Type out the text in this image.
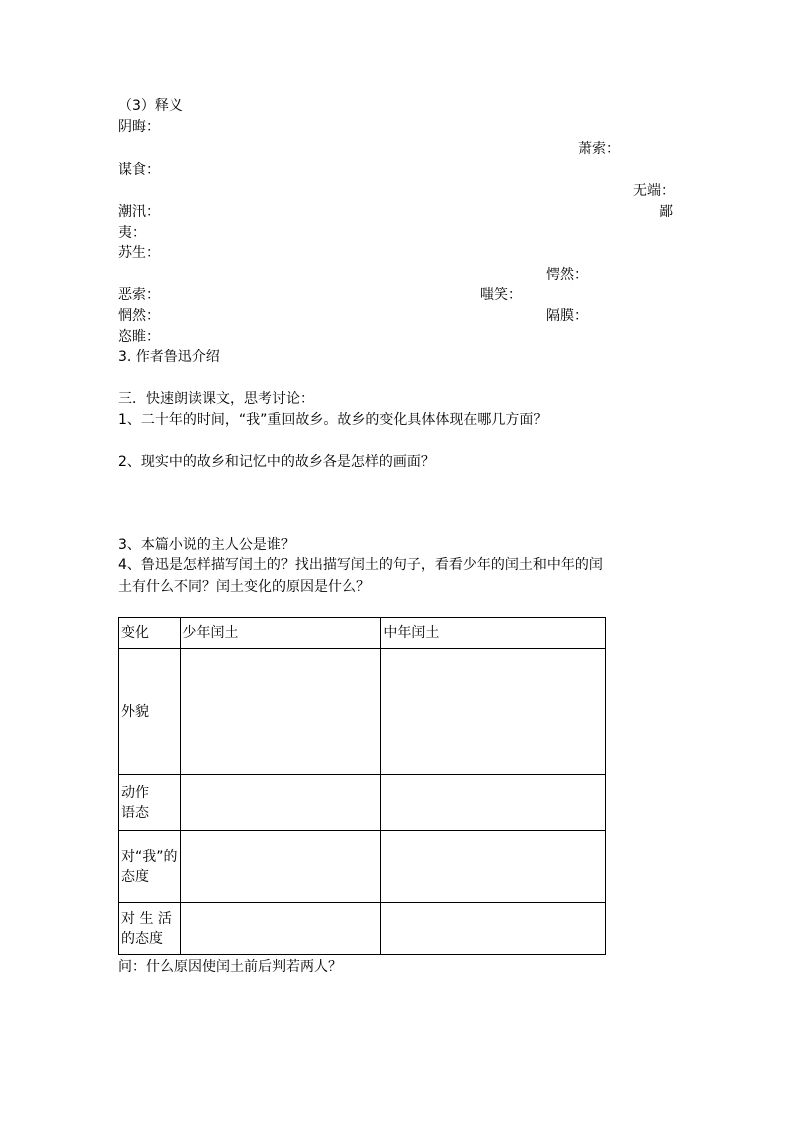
（3）释义
阴晦：
萧索：
谋食：
无端：
潮汛：	鄙
夷：
苏生：
愕然：
恶索：	嗤笑：
惘然：	隔膜：
恣睢：
3. 作者鲁迅介绍
三．快速朗读课文，思考讨论：
1、二十年的时间，“我”重回故乡。故乡的变化具体体现在哪几方面？
2、现实中的故乡和记忆中的故乡各是怎样的画面？
3、本篇小说的主人公是谁？
4、鲁迅是怎样描写闰土的？找出描写闰土的句子，看看少年的闰土和中年的闰
土有什么不同？闰土变化的原因是什么？
变化	少年闰土	中年闰土
外貌		

动作
语态		

对“我”的
态度		

对 生 活
的态度		

问：什么原因使闰土前后判若两人？
